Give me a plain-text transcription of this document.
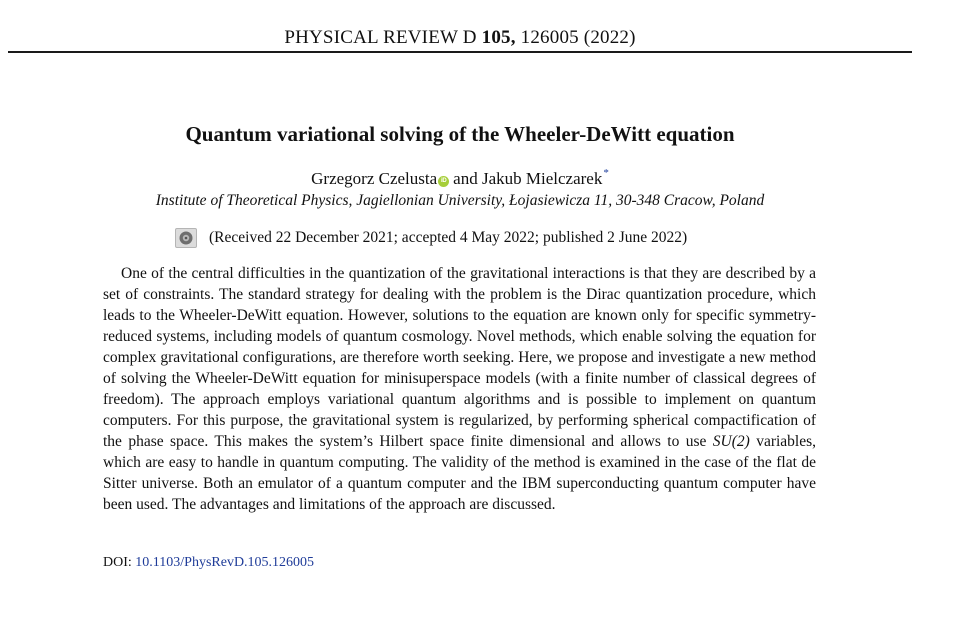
PHYSICAL REVIEW D 105, 126005 (2022)
Quantum variational solving of the Wheeler-DeWitt equation
Grzegorz Czelusta iD and Jakub Mielczarek*
Institute of Theoretical Physics, Jagiellonian University, Łojasiewicza 11, 30-348 Cracow, Poland
(Received 22 December 2021; accepted 4 May 2022; published 2 June 2022)

One of the central difficulties in the quantization of the gravitational interactions is that they are described by a set of constraints. The standard strategy for dealing with the problem is the Dirac quantization procedure, which leads to the Wheeler-DeWitt equation. However, solutions to the equation are known only for specific symmetry-reduced systems, including models of quantum cosmology. Novel methods, which enable solving the equation for complex gravitational configurations, are therefore worth seeking. Here, we propose and investigate a new method of solving the Wheeler-DeWitt equation for minisuperspace models (with a finite number of classical degrees of freedom). The approach employs variational quantum algorithms and is possible to implement on quantum computers. For this purpose, the gravitational system is regularized, by performing spherical compactification of the phase space. This makes the system’s Hilbert space finite dimensional and allows to use SU(2) variables, which are easy to handle in quantum computing. The validity of the method is examined in the case of the flat de Sitter universe. Both an emulator of a quantum computer and the IBM superconducting quantum computer have been used. The advantages and limitations of the approach are discussed.

DOI: 10.1103/PhysRevD.105.126005
